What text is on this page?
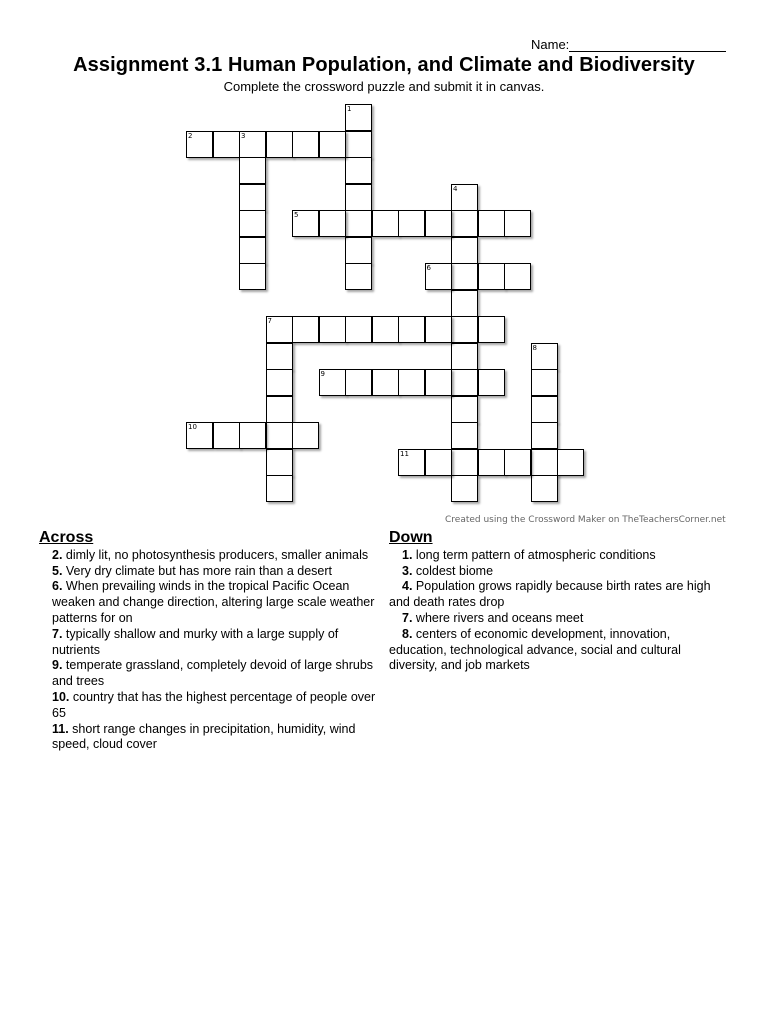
Name:
Assignment 3.1 Human Population, and Climate and Biodiversity
Complete the crossword puzzle and submit it in canvas.
1
2	3
4
5
6
7
8
9
10
11
Created using the Crossword Maker on TheTeachersCorner.net
Across
2. dimly lit, no photosynthesis producers, smaller animals
5. Very dry climate but has more rain than a desert
6. When prevailing winds in the tropical Pacific Ocean weaken and change direction, altering large scale weather patterns for on
7. typically shallow and murky with a large supply of nutrients
9. temperate grassland, completely devoid of large shrubs and trees
10. country that has the highest percentage of people over 65
11. short range changes in precipitation, humidity, wind speed, cloud cover
Down
1. long term pattern of atmospheric conditions
3. coldest biome
4. Population grows rapidly because birth rates are high and death rates drop
7. where rivers and oceans meet
8. centers of economic development, innovation, education, technological advance, social and cultural diversity, and job markets
